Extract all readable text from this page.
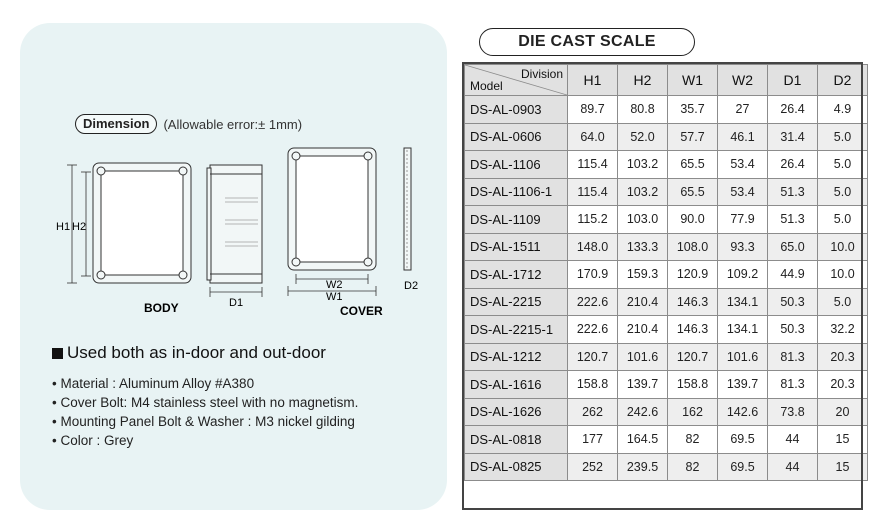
Dimension	(Allowable error:± 1mm)
H1 H2
BODY	D1
W2
W1
COVER
D2
Used both as in-door and out-door
• Material : Aluminum Alloy #A380
• Cover Bolt: M4 stainless steel with no magnetism.
• Mounting Panel Bolt & Washer : M3 nickel gilding
• Color : Grey
DIE CAST SCALE
Division
Model	H1	H2	W1	W2	D1	D2
DS-AL-0903	89.7	80.8	35.7	27	26.4	4.9
DS-AL-0606	64.0	52.0	57.7	46.1	31.4	5.0
DS-AL-1106	115.4	103.2	65.5	53.4	26.4	5.0
DS-AL-1106-1	115.4	103.2	65.5	53.4	51.3	5.0
DS-AL-1109	115.2	103.0	90.0	77.9	51.3	5.0
DS-AL-1511	148.0	133.3	108.0	93.3	65.0	10.0
DS-AL-1712	170.9	159.3	120.9	109.2	44.9	10.0
DS-AL-2215	222.6	210.4	146.3	134.1	50.3	5.0
DS-AL-2215-1	222.6	210.4	146.3	134.1	50.3	32.2
DS-AL-1212	120.7	101.6	120.7	101.6	81.3	20.3
DS-AL-1616	158.8	139.7	158.8	139.7	81.3	20.3
DS-AL-1626	262	242.6	162	142.6	73.8	20
DS-AL-0818	177	164.5	82	69.5	44	15
DS-AL-0825	252	239.5	82	69.5	44	15
